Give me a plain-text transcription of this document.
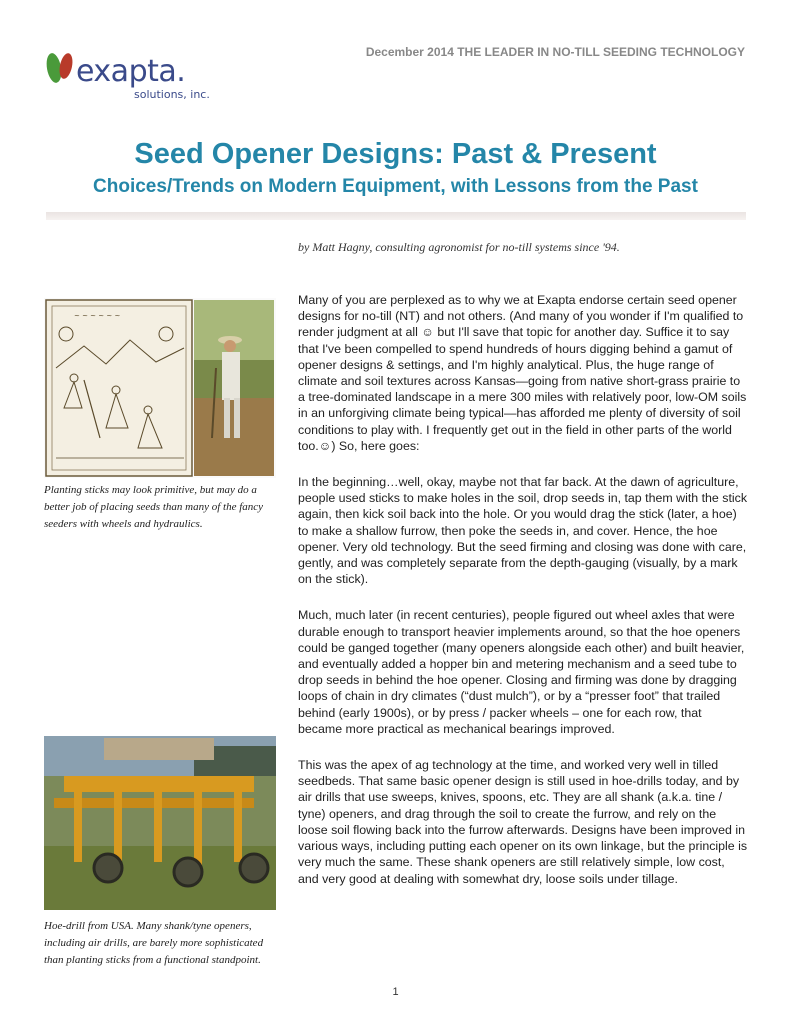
exapta.
solutions, inc.
December 2014 THE LEADER IN NO-TILL SEEDING TECHNOLOGY
Seed Opener Designs: Past & Present
Choices/Trends on Modern Equipment, with Lessons from the Past
by Matt Hagny, consulting agronomist for no-till systems since '94.
~ ~ ~ ~ ~ ~
Planting sticks may look primitive, but may do a better job of placing seeds than many of the fancy seeders with wheels and hydraulics.
Hoe-drill from USA. Many shank/tyne openers, including air drills, are barely more sophisticated than planting sticks from a functional standpoint.

Many of you are perplexed as to why we at Exapta endorse certain seed opener designs for no-till (NT) and not others. (And many of you wonder if I'm qualified to render judgment at all ☺ but I'll save that topic for another day. Suffice it to say that I've been compelled to spend hundreds of hours digging behind a gamut of opener designs & settings, and I'm highly analytical. Plus, the huge range of climate and soil textures across Kansas—going from native short-grass prairie to a tree-dominated landscape in a mere 300 miles with relatively poor, low-OM soils in an unforgiving climate being typical—has afforded me plenty of diversity of soil conditions to play with. I frequently get out in the field in other parts of the world too.☺) So, here goes:

In the beginning…well, okay, maybe not that far back. At the dawn of agriculture, people used sticks to make holes in the soil, drop seeds in, tap them with the stick again, then kick soil back into the hole. Or you would drag the stick (later, a hoe) to make a shallow furrow, then poke the seeds in, and cover. Hence, the hoe opener. Very old technology. But the seed firming and closing was done with care, gently, and was completely separate from the depth-gauging (visually, by a mark on the stick).

Much, much later (in recent centuries), people figured out wheel axles that were durable enough to transport heavier implements around, so that the hoe openers could be ganged together (many openers alongside each other) and built heavier, and eventually added a hopper bin and metering mechanism and a seed tube to drop seeds in behind the hoe opener. Closing and firming was done by dragging loops of chain in dry climates (“dust mulch”), or by a “presser foot” that trailed behind (early 1900s), or by press / packer wheels – one for each row, that became more practical as mechanical bearings improved.

This was the apex of ag technology at the time, and worked very well in tilled seedbeds. That same basic opener design is still used in hoe-drills today, and by air drills that use sweeps, knives, spoons, etc. They are all shank (a.k.a. tine / tyne) openers, and drag through the soil to create the furrow, and rely on the loose soil flowing back into the furrow afterwards. Designs have been improved in various ways, including putting each opener on its own linkage, but the principle is very much the same. These shank openers are still relatively simple, low cost, and very good at dealing with somewhat dry, loose soils under tillage.

1
